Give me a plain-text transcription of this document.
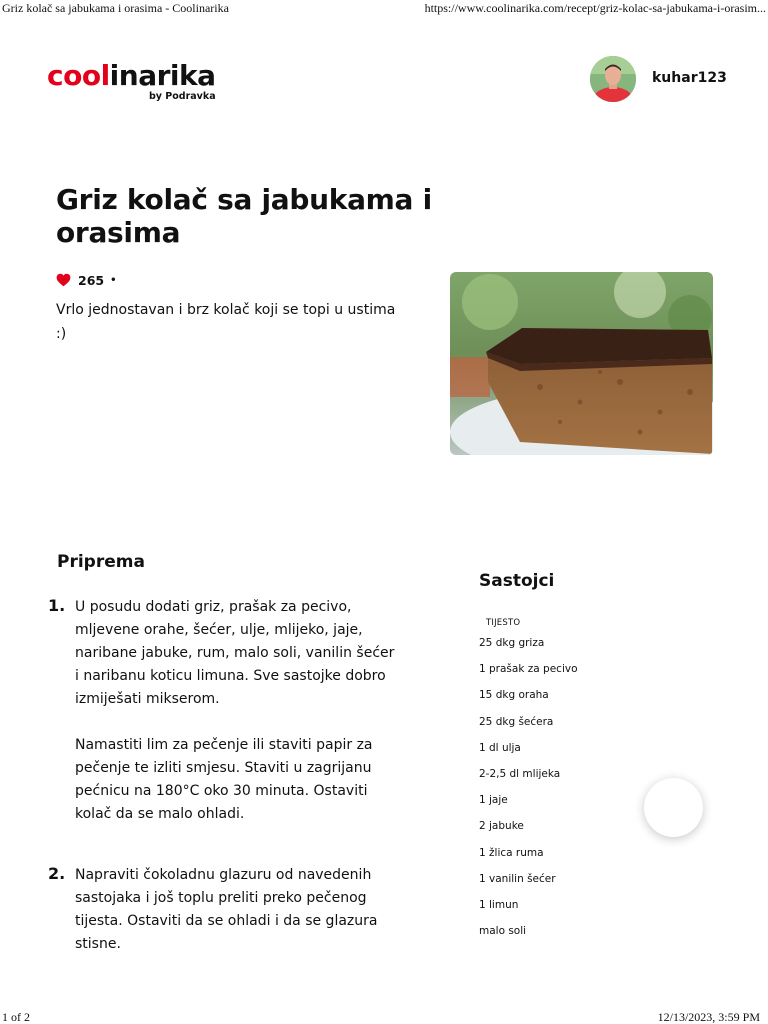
Griz kolač sa jabukama i orasima - Coolinarika	https://www.coolinarika.com/recept/griz-kolac-sa-jabukama-i-orasim...
coolinarika
by Podravka
kuhar123
Griz kolač sa jabukama i orasima
265 •

Vrlo jednostavan i brz kolač koji se topi u ustima :)

Priprema
1. U posudu dodati griz, prašak za pecivo, mljevene orahe, šećer, ulje, mlijeko, jaje, naribane jabuke, rum, malo soli, vanilin šećer i naribanu koticu limuna. Sve sastojke dobro izmiješati mikserom.

Namastiti lim za pečenje ili staviti papir za pečenje te izliti smjesu. Staviti u zagrijanu pećnicu na 180°C oko 30 minuta. Ostaviti kolač da se malo ohladi.

2. Napraviti čokoladnu glazuru od navedenih sastojaka i još toplu preliti preko pečenog tijesta. Ostaviti da se ohladi i da se glazura stisne.

Sastojci
TIJESTO
25 dkg griza
1 prašak za pecivo
15 dkg oraha
25 dkg šećera
1 dl ulja
2-2,5 dl mlijeka
1 jaje
2 jabuke
1 žlica ruma
1 vanilin šećer
1 limun
malo soli
1 of 2	12/13/2023, 3:59 PM
